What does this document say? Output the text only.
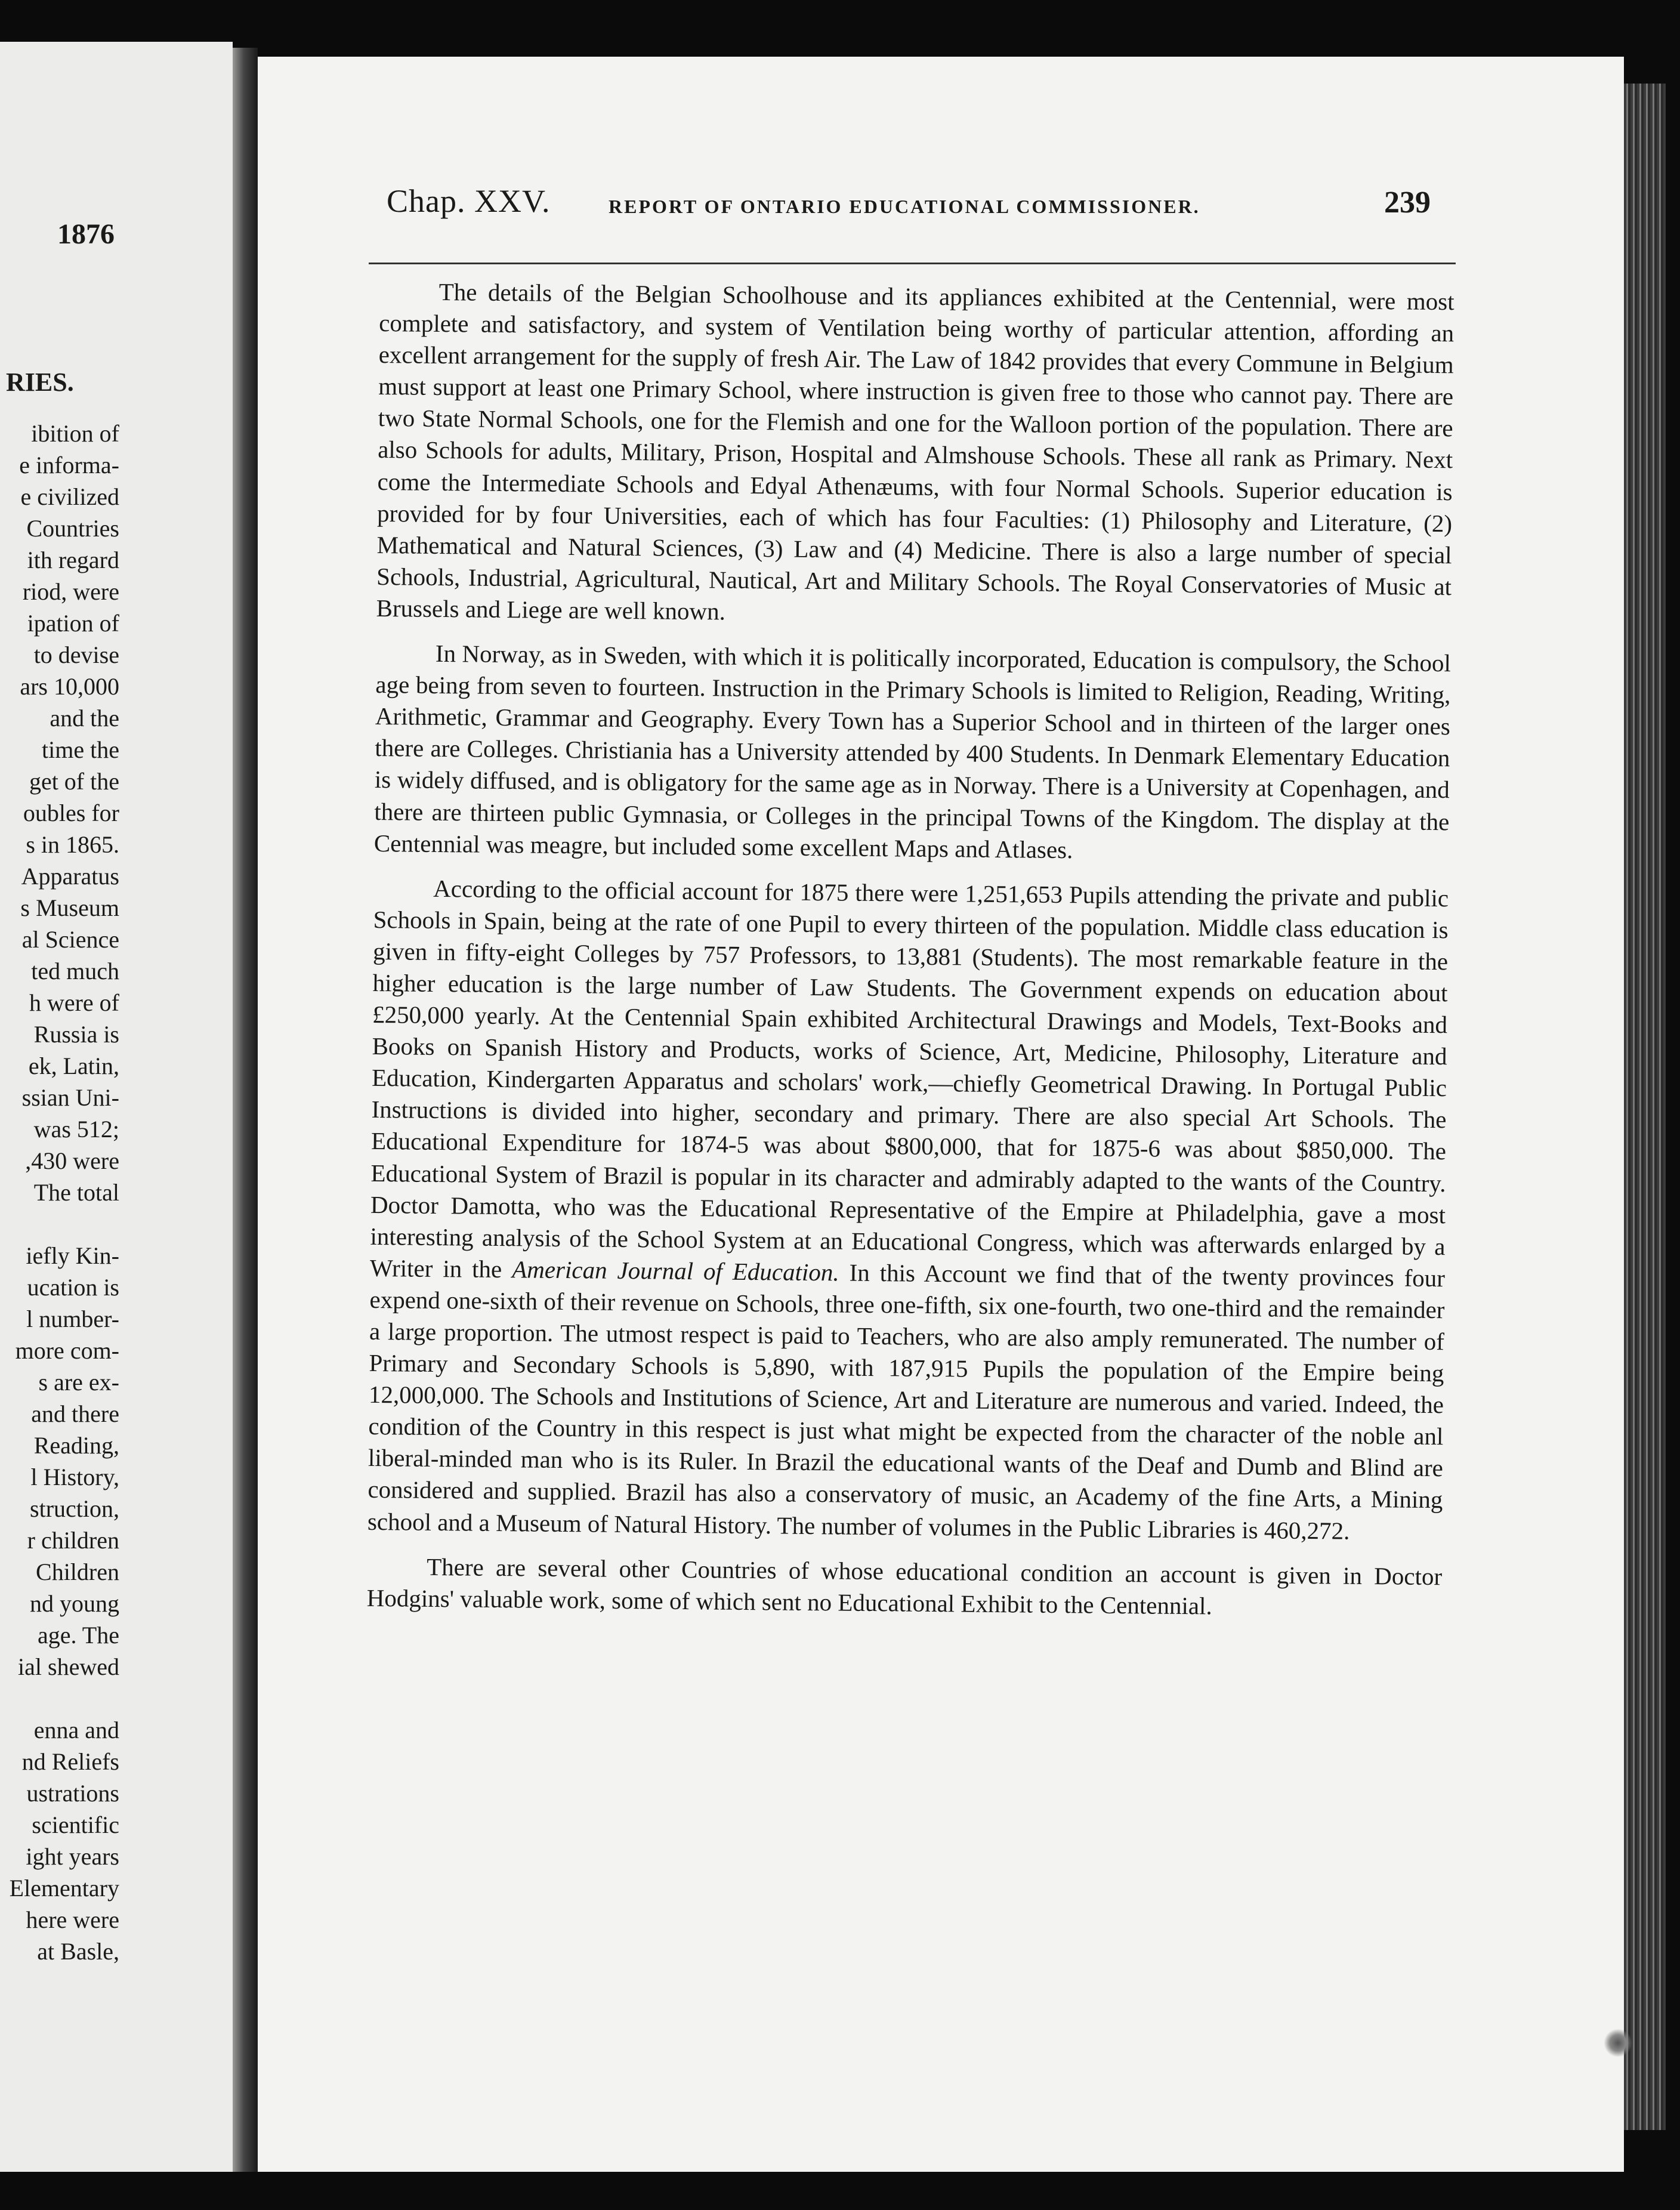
1876
RIES.
ibition of
e informa-
e civilized
Countries
ith regard
riod, were
ipation of
to devise
ars 10,000
and the
time the
get of the
oubles for
s in 1865.
Apparatus
s Museum
al Science
ted much
h were of
Russia is
ek, Latin,
ssian Uni-
was 512;
,430 were
The total
iefly Kin-
ucation is
l number-
more com-
s are ex-
and there
Reading,
l History,
struction,
r children
Children
nd young
age. The
ial shewed
enna and
nd Reliefs
ustrations
scientific
ight years
Elementary
here were
at Basle,
Chap. XXV.	REPORT OF ONTARIO EDUCATIONAL COMMISSIONER.	239

The details of the Belgian Schoolhouse and its appliances exhibited at the Centennial, were most complete and satisfactory, and system of Ventilation being worthy of particular attention, affording an excellent arrangement for the supply of fresh Air. The Law of 1842 provides that every Commune in Belgium must support at least one Primary School, where instruction is given free to those who cannot pay. There are two State Normal Schools, one for the Flemish and one for the Walloon portion of the population. There are also Schools for adults, Military, Prison, Hospital and Almshouse Schools. These all rank as Primary. Next come the Intermediate Schools and Edyal Athenæums, with four Normal Schools. Superior education is provided for by four Universities, each of which has four Faculties: (1) Philosophy and Literature, (2) Mathematical and Natural Sciences, (3) Law and (4) Medicine. There is also a large number of special Schools, Industrial, Agricultural, Nautical, Art and Military Schools. The Royal Conservatories of Music at Brussels and Liege are well known.

In Norway, as in Sweden, with which it is politically incorporated, Education is compulsory, the School age being from seven to fourteen. Instruction in the Primary Schools is limited to Religion, Reading, Writing, Arithmetic, Grammar and Geography. Every Town has a Superior School and in thirteen of the larger ones there are Colleges. Christiania has a University attended by 400 Students. In Denmark Elementary Education is widely diffused, and is obligatory for the same age as in Norway. There is a University at Copenhagen, and there are thirteen public Gymnasia, or Colleges in the principal Towns of the Kingdom. The display at the Centennial was meagre, but included some excellent Maps and Atlases.

According to the official account for 1875 there were 1,251,653 Pupils attending the private and public Schools in Spain, being at the rate of one Pupil to every thirteen of the population. Middle class education is given in fifty-eight Colleges by 757 Professors, to 13,881 (Students). The most remarkable feature in the higher education is the large number of Law Students. The Government expends on education about £250,000 yearly. At the Centennial Spain exhibited Architectural Drawings and Models, Text-Books and Books on Spanish History and Products, works of Science, Art, Medicine, Philosophy, Literature and Education, Kindergarten Apparatus and scholars' work,—chiefly Geometrical Drawing. In Portugal Public Instructions is divided into higher, secondary and primary. There are also special Art Schools. The Educational Expenditure for 1874-5 was about $800,000, that for 1875-6 was about $850,000. The Educational System of Brazil is popular in its character and admirably adapted to the wants of the Country. Doctor Damotta, who was the Educational Representative of the Empire at Philadelphia, gave a most interesting analysis of the School System at an Educational Congress, which was afterwards enlarged by a Writer in the American Journal of Education. In this Account we find that of the twenty provinces four expend one-sixth of their revenue on Schools, three one-fifth, six one-fourth, two one-third and the remainder a large proportion. The utmost respect is paid to Teachers, who are also amply remunerated. The number of Primary and Secondary Schools is 5,890, with 187,915 Pupils the population of the Empire being 12,000,000. The Schools and Institutions of Science, Art and Literature are numerous and varied. Indeed, the condition of the Country in this respect is just what might be expected from the character of the noble anl liberal-minded man who is its Ruler. In Brazil the educational wants of the Deaf and Dumb and Blind are considered and supplied. Brazil has also a conservatory of music, an Academy of the fine Arts, a Mining school and a Museum of Natural History. The number of volumes in the Public Libraries is 460,272.

There are several other Countries of whose educational condition an account is given in Doctor Hodgins' valuable work, some of which sent no Educational Exhibit to the Centennial.
